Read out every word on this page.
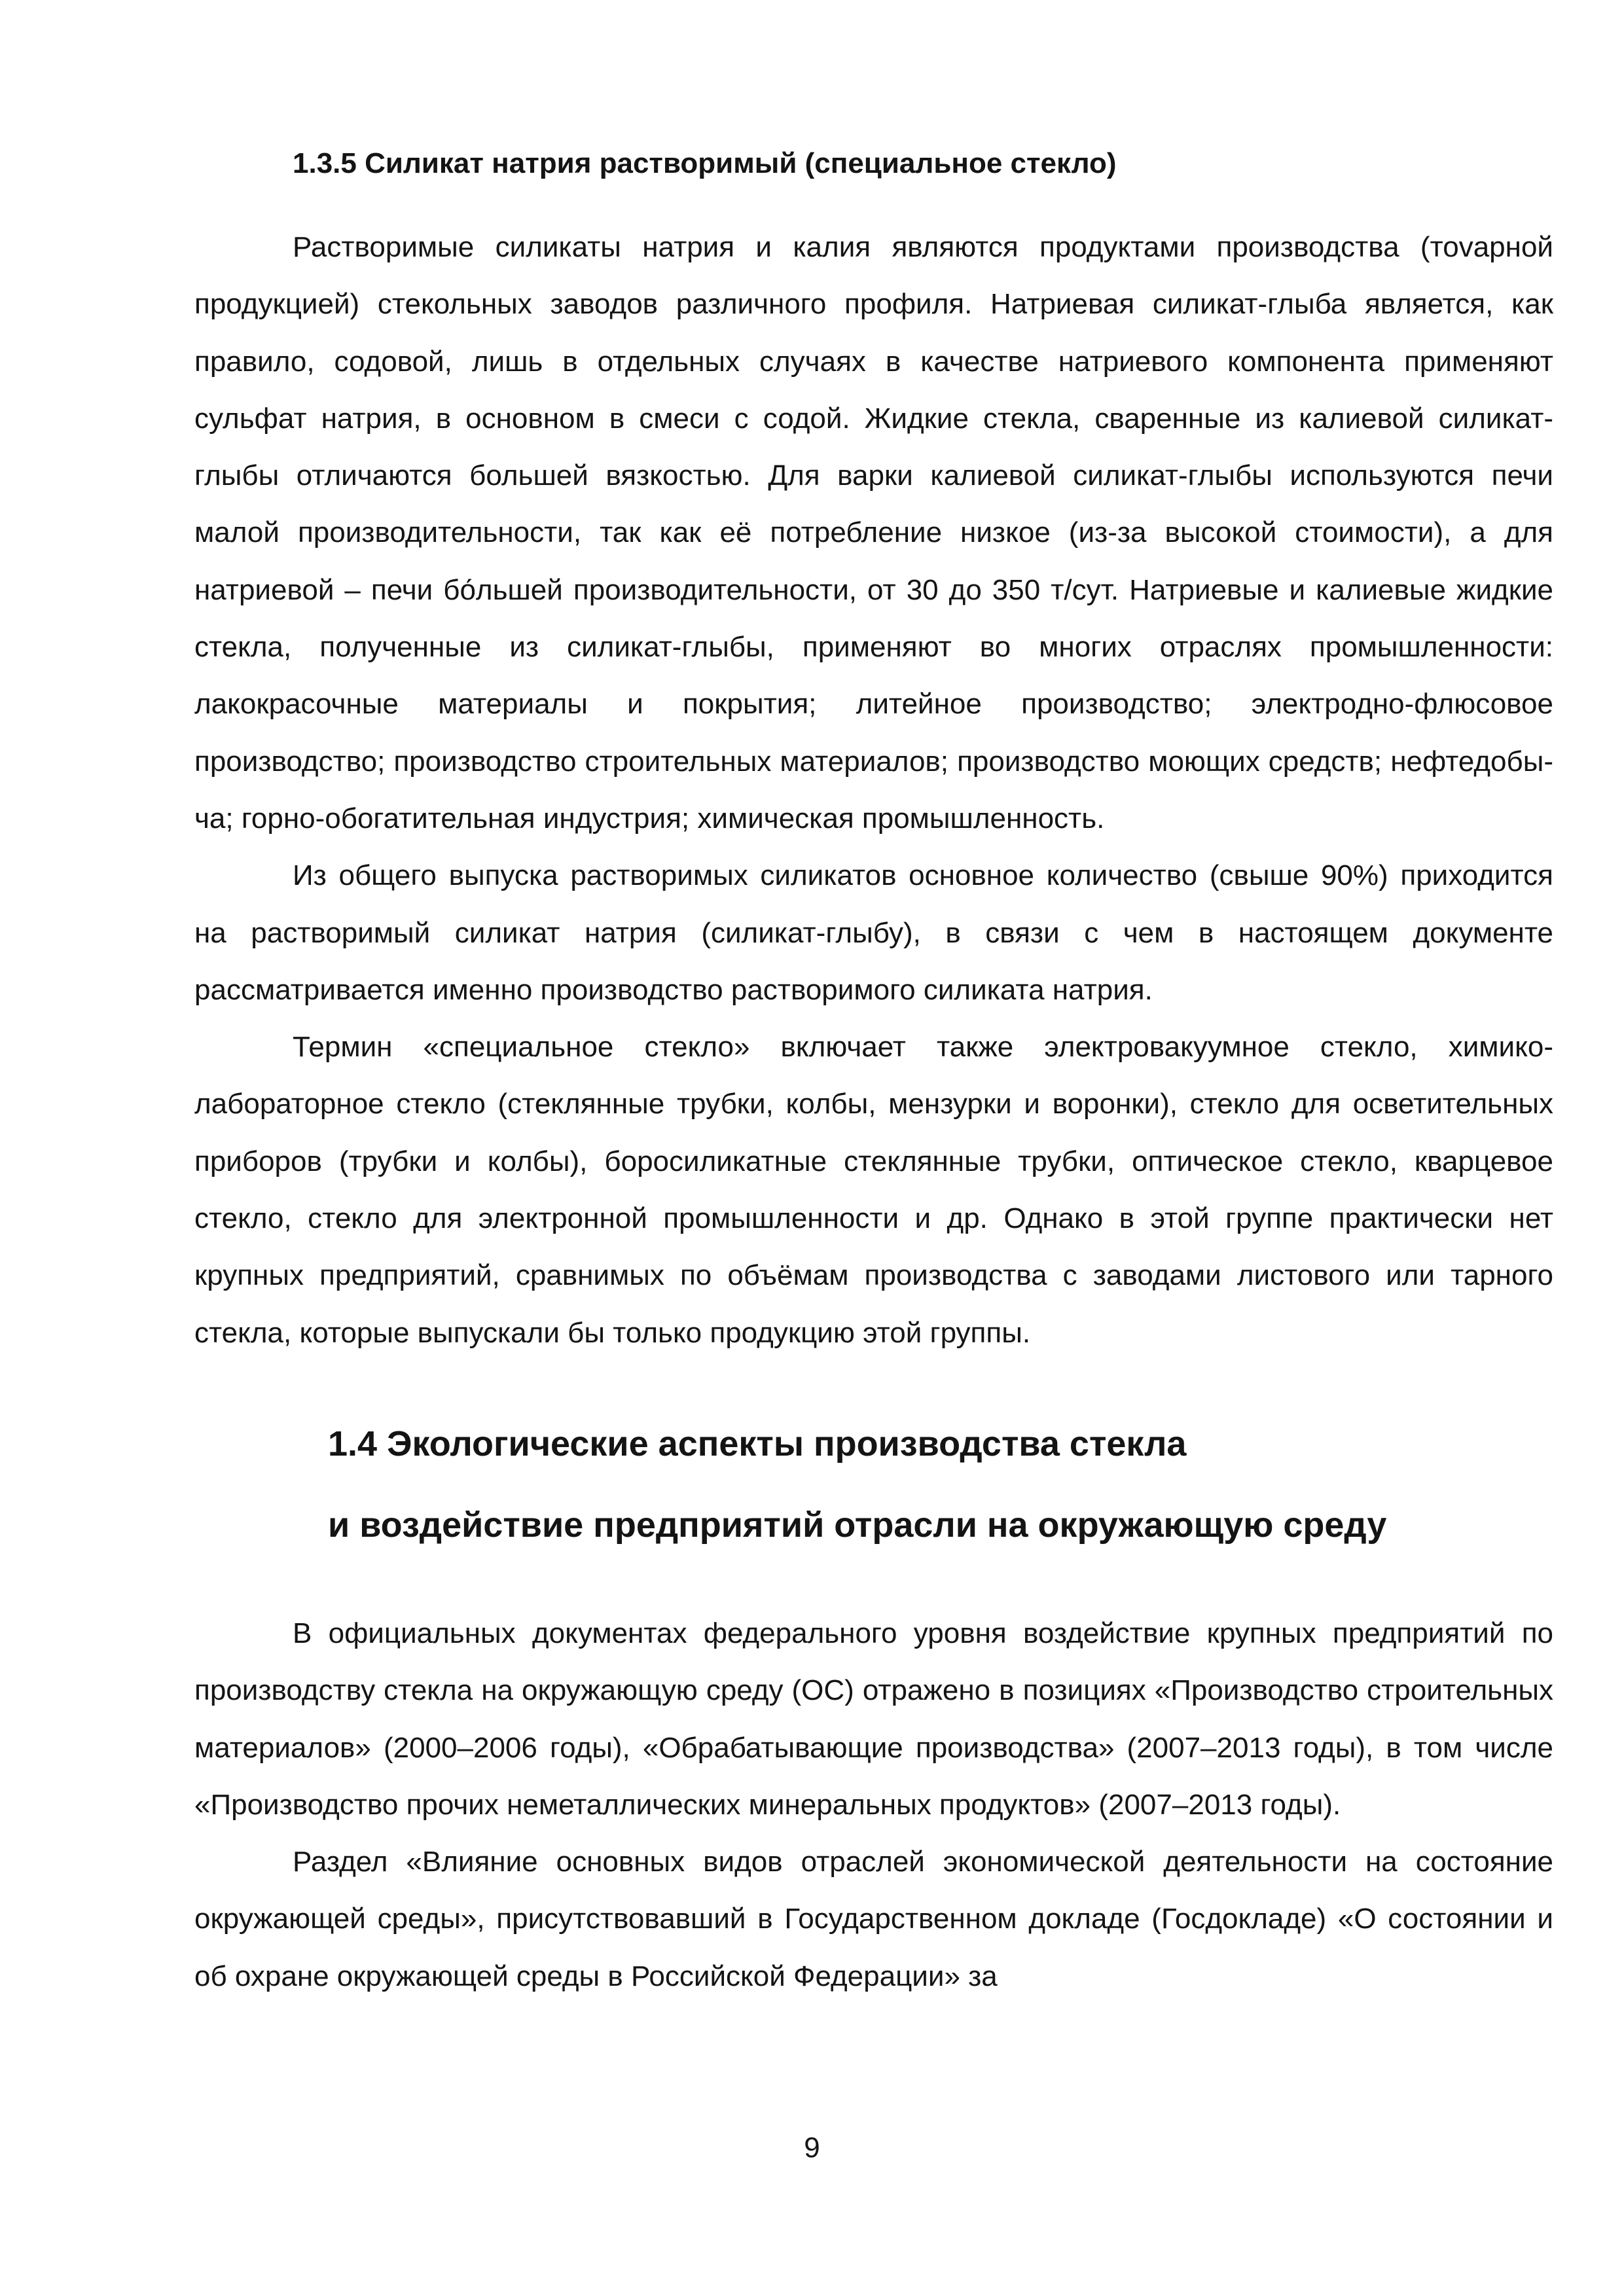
1.3.5 Силикат натрия растворимый (специальное стекло)

Растворимые силикаты натрия и калия являются продуктами производства (тоvарной продукцией) стекольных заводов различного профиля. Натриевая силикат-глыба является, как правило, содовой, лишь в отдельных случаях в качестве натриевого компонента применяют сульфат натрия, в основном в смеси с содой. Жидкие стекла, сваренные из калиевой силикат-глыбы отличаются большей вязкостью. Для варки калиевой силикат-глыбы используются печи малой производительности, так как её потребление низкое (из-за высокой стоимости), а для натриевой – печи бо́льшей производительности, от 30 до 350 т/сут. Натриевые и калиевые жидкие стекла, полученные из силикат-глыбы, применяют во многих отраслях промышленности: лакокрасочные материалы и покрытия; литейное производство; электродно-флюсовое производство; производство строительных материалов; производство моющих средств; нефтедобыча; горно-обогатительная индустрия; химическая промышленность.

Из общего выпуска растворимых силикатов основное количество (свыше 90%) приходится на растворимый силикат натрия (силикат-глыбу), в связи с чем в настоящем документе рассматривается именно производство растворимого силиката натрия.

Термин «специальное стекло» включает также электровакуумное стекло, химико-лабораторное стекло (стеклянные трубки, колбы, мензурки и воронки), стекло для осветительных приборов (трубки и колбы), боросиликатные стеклянные трубки, оптическое стекло, кварцевое стекло, стекло для электронной промышленности и др. Однако в этой группе практически нет крупных предприятий, сравнимых по объёмам производства с заводами листового или тарного стекла, которые выпускали бы только продукцию этой группы.

1.4 Экологические аспекты производства стекла
и воздействие предприятий отрасли на окружающую среду

В официальных документах федерального уровня воздействие крупных предприятий по производству стекла на окружающую среду (ОС) отражено в позициях «Производство строительных материалов» (2000–2006 годы), «Обрабатывающие производства» (2007–2013 годы), в том числе «Производство прочих неметаллических минеральных продуктов» (2007–2013 годы).

Раздел «Влияние основных видов отраслей экономической деятельности на состояние окружающей среды», присутствовавший в Государственном докладе (Госдокладе) «О состоянии и об охране окружающей среды в Российской Федерации» за

9
